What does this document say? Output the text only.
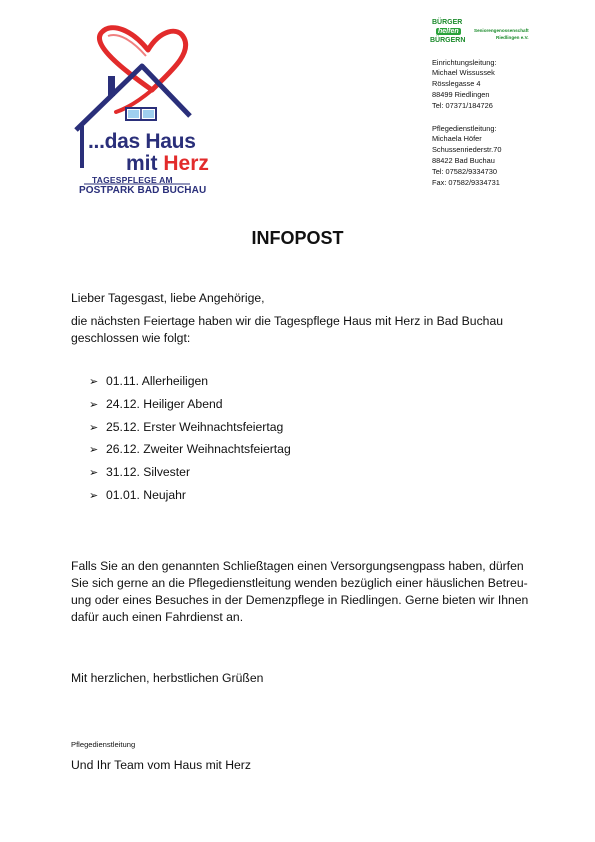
...das Haus
mit Herz
TAGESPFLEGE AM
POSTPARK BAD BUCHAU
BÜRGER
helfen
BÜRGERN
Seniorengenossenschaft
Riedlingen e.V.
Einrichtungsleitung:
Michael Wissussek
Rösslegasse 4
88499 Riedlingen
Tel: 07371/184726
Pflegedienstleitung:
Michaela Höfer
Schussenriederstr.70
88422 Bad Buchau
Tel: 07582/9334730
Fax: 07582/9334731
INFOPOST
Lieber Tagesgast, liebe Angehörige,
die nächsten Feiertage haben wir die Tagespflege Haus mit Herz in Bad Buchau
geschlossen wie folgt:
➢ 01.11. Allerheiligen
➢ 24.12. Heiliger Abend
➢ 25.12. Erster Weihnachtsfeiertag
➢ 26.12. Zweiter Weihnachtsfeiertag
➢ 31.12. Silvester
➢ 01.01. Neujahr
Falls Sie an den genannten Schließtagen einen Versorgungsengpass haben, dürfen
Sie sich gerne an die Pflegedienstleitung wenden bezüglich einer häuslichen Betreu-
ung oder eines Besuches in der Demenzpflege in Riedlingen. Gerne bieten wir Ihnen
dafür auch einen Fahrdienst an.
Mit herzlichen, herbstlichen Grüßen
Pflegedienstleitung
Und Ihr Team vom Haus mit Herz
